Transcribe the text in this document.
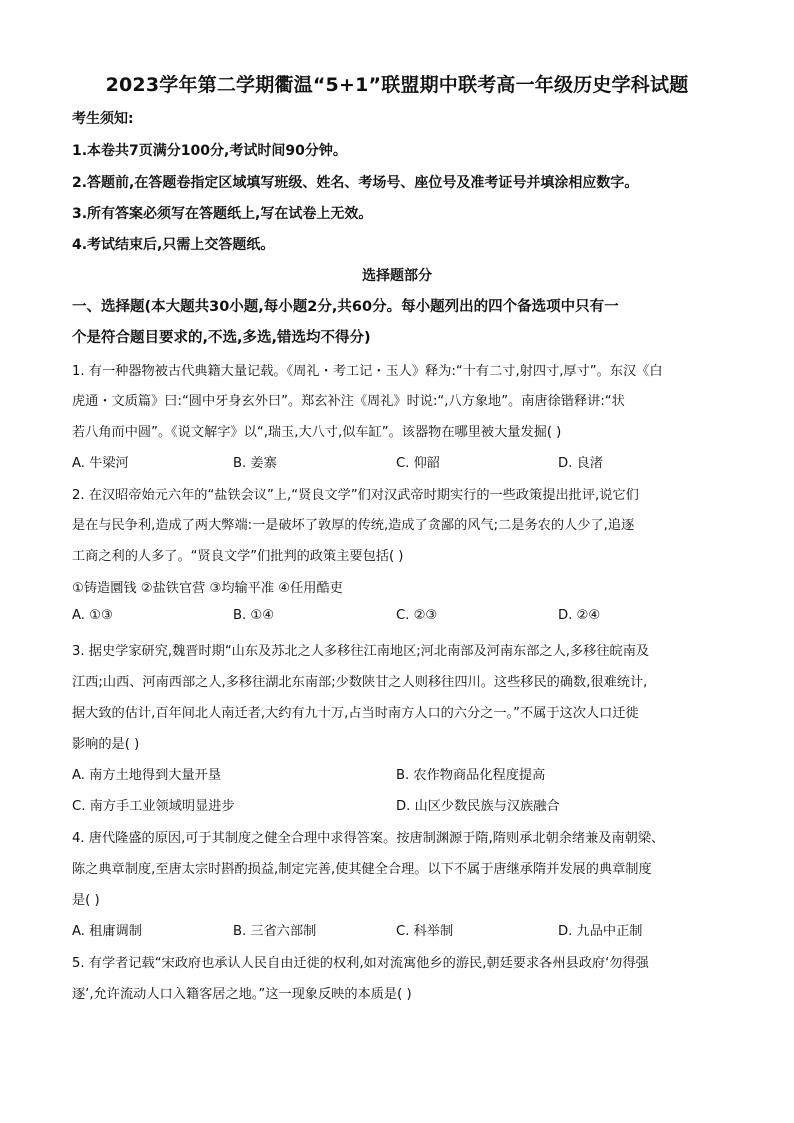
2023学年第二学期衢温“5+1”联盟期中联考高一年级历史学科试题
考生须知:
1.本卷共7页满分100分,考试时间90分钟。
2.答题前,在答题卷指定区域填写班级、姓名、考场号、座位号及准考证号并填涂相应数字。
3.所有答案必须写在答题纸上,写在试卷上无效。
4.考试结束后,只需上交答题纸。
选择题部分
一、选择题(本大题共30小题,每小题2分,共60分。每小题列出的四个备选项中只有一
个是符合题目要求的,不选,多选,错选均不得分)
1. 有一种器物被古代典籍大量记载。《周礼・考工记・玉人》释为:“十有二寸,射四寸,厚寸”。东汉《白
虎通・文质篇》曰:“圆中牙身玄外曰”。郑玄补注《周礼》时说:“,八方象地”。南唐徐锴释讲:“状
若八角而中圆”。《说文解字》以“,瑞玉,大八寸,似车缸”。该器物在哪里被大量发掘( )
A. 牛梁河	B. 姜寨	C. 仰韶	D. 良渚
2. 在汉昭帝始元六年的“盐铁会议”上,“贤良文学”们对汉武帝时期实行的一些政策提出批评,说它们
是在与民争利,造成了两大弊端:一是破坏了敦厚的传统,造成了贪鄙的风气;二是务农的人少了,追逐
工商之利的人多了。“贤良文学”们批判的政策主要包括( )
①铸造圜钱 ②盐铁官营 ③均输平准 ④任用酷吏
A. ①③	B. ①④	C. ②③	D. ②④
3. 据史学家研究,魏晋时期“山东及苏北之人多移往江南地区;河北南部及河南东部之人,多移往皖南及
江西;山西、河南西部之人,多移往湖北东南部;少数陕甘之人则移往四川。这些移民的确数,很难统计,
据大致的估计,百年间北人南迁者,大约有九十万,占当时南方人口的六分之一。”不属于这次人口迁徙
影响的是( )
A. 南方土地得到大量开垦	B. 农作物商品化程度提高
C. 南方手工业领域明显进步	D. 山区少数民族与汉族融合
4. 唐代隆盛的原因,可于其制度之健全合理中求得答案。按唐制渊源于隋,隋则承北朝余绪兼及南朝梁、
陈之典章制度,至唐太宗时斟酌损益,制定完善,使其健全合理。以下不属于唐继承隋并发展的典章制度
是( )
A. 租庸调制	B. 三省六部制	C. 科举制	D. 九品中正制
5. 有学者记载“宋政府也承认人民自由迁徙的权利,如对流寓他乡的游民,朝廷要求各州县政府‘勿得强
逐’,允许流动人口入籍客居之地。”这一现象反映的本质是( )
